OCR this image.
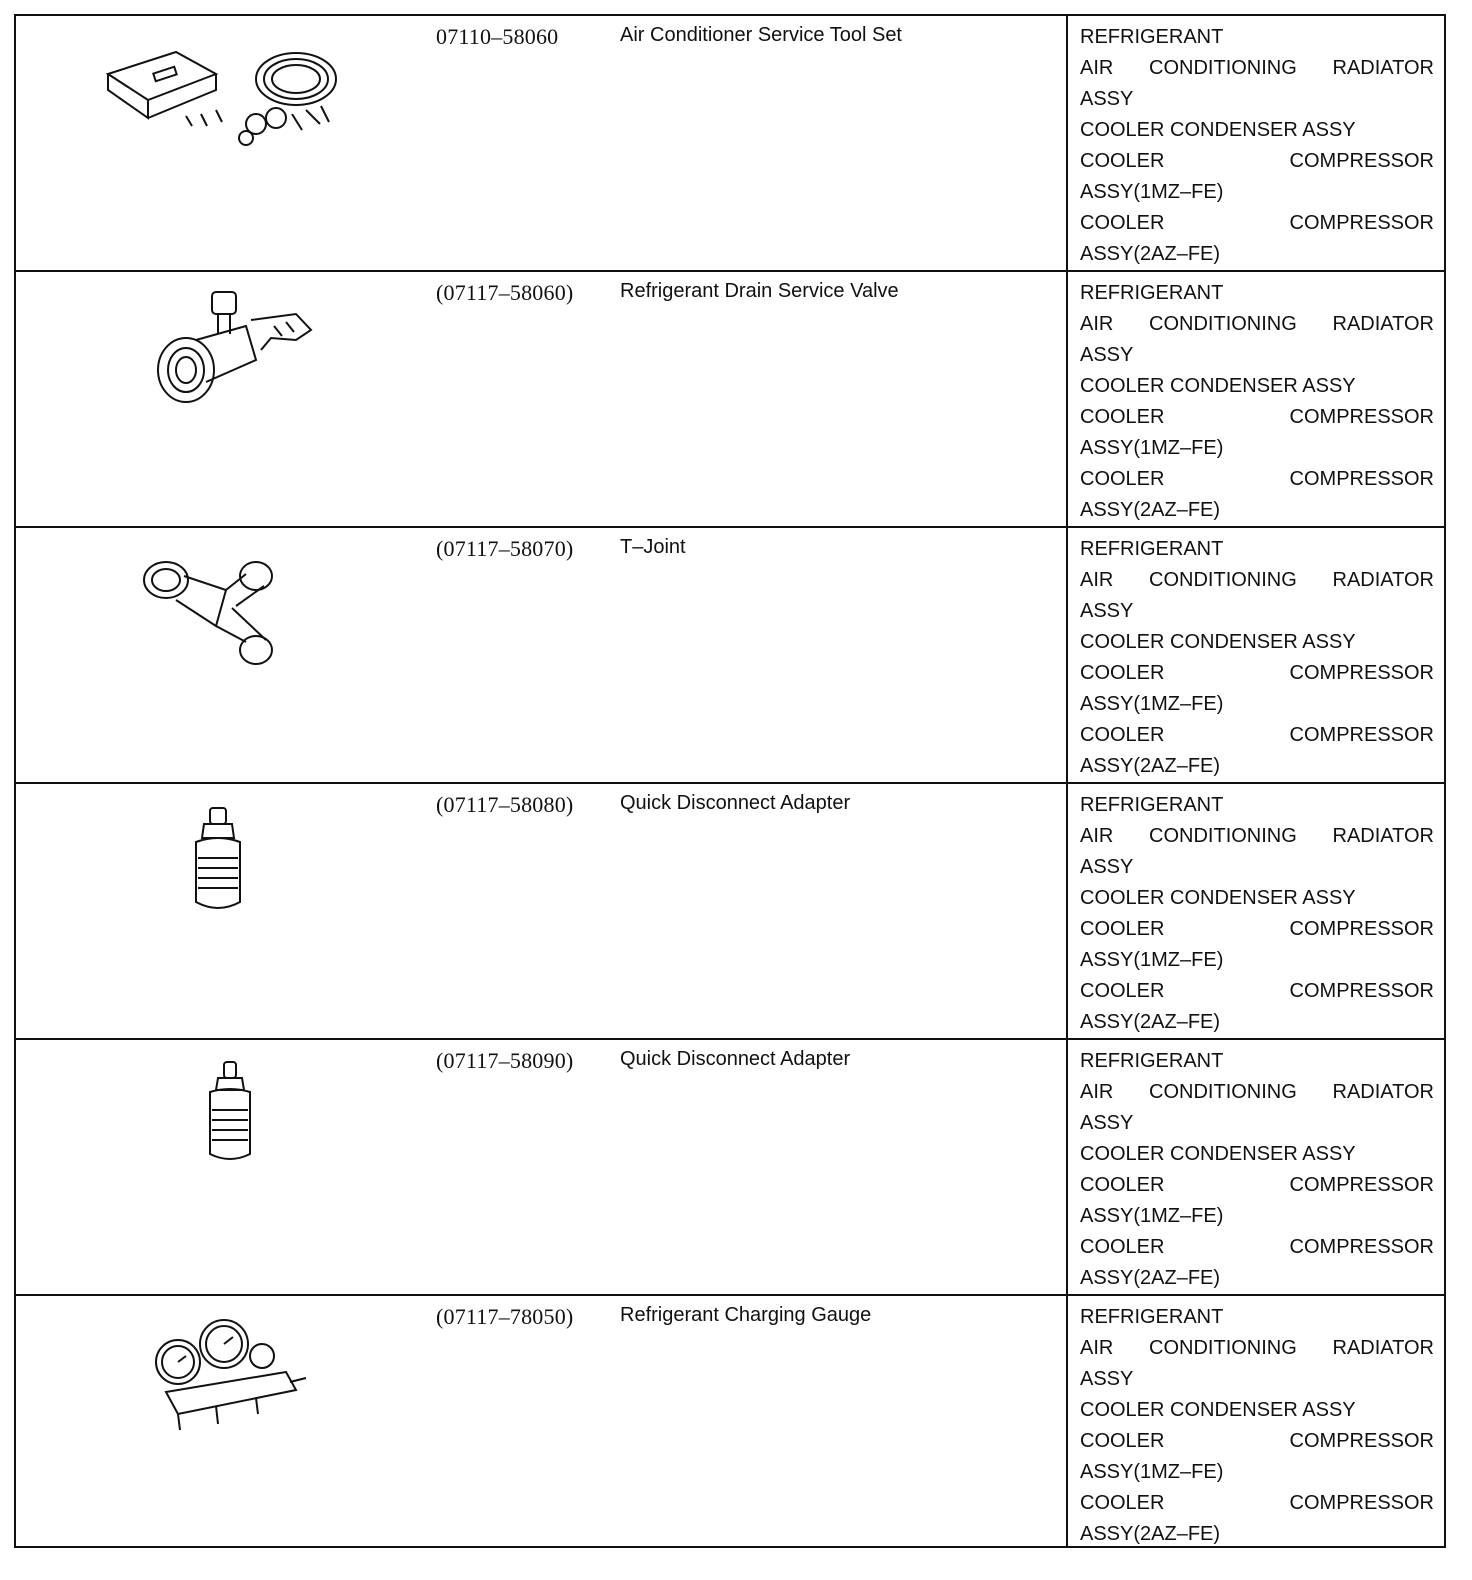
07110–58060	Air Conditioner Service Tool Set	REFRIGERANT
AIR CONDITIONING RADIATOR
ASSY
COOLER CONDENSER ASSY
COOLER	COMPRESSOR
ASSY(1MZ–FE)
COOLER	COMPRESSOR
ASSY(2AZ–FE)
(07117–58060)	Refrigerant Drain Service Valve	REFRIGERANT
AIR CONDITIONING RADIATOR
ASSY
COOLER CONDENSER ASSY
COOLER	COMPRESSOR
ASSY(1MZ–FE)
COOLER	COMPRESSOR
ASSY(2AZ–FE)
(07117–58070)	T–Joint	REFRIGERANT
AIR CONDITIONING RADIATOR
ASSY
COOLER CONDENSER ASSY
COOLER	COMPRESSOR
ASSY(1MZ–FE)
COOLER	COMPRESSOR
ASSY(2AZ–FE)
(07117–58080)	Quick Disconnect Adapter	REFRIGERANT
AIR CONDITIONING RADIATOR
ASSY
COOLER CONDENSER ASSY
COOLER	COMPRESSOR
ASSY(1MZ–FE)
COOLER	COMPRESSOR
ASSY(2AZ–FE)
(07117–58090)	Quick Disconnect Adapter	REFRIGERANT
AIR CONDITIONING RADIATOR
ASSY
COOLER CONDENSER ASSY
COOLER	COMPRESSOR
ASSY(1MZ–FE)
COOLER	COMPRESSOR
ASSY(2AZ–FE)
(07117–78050)	Refrigerant Charging Gauge	REFRIGERANT
AIR CONDITIONING RADIATOR
ASSY
COOLER CONDENSER ASSY
COOLER	COMPRESSOR
ASSY(1MZ–FE)
COOLER	COMPRESSOR
ASSY(2AZ–FE)
